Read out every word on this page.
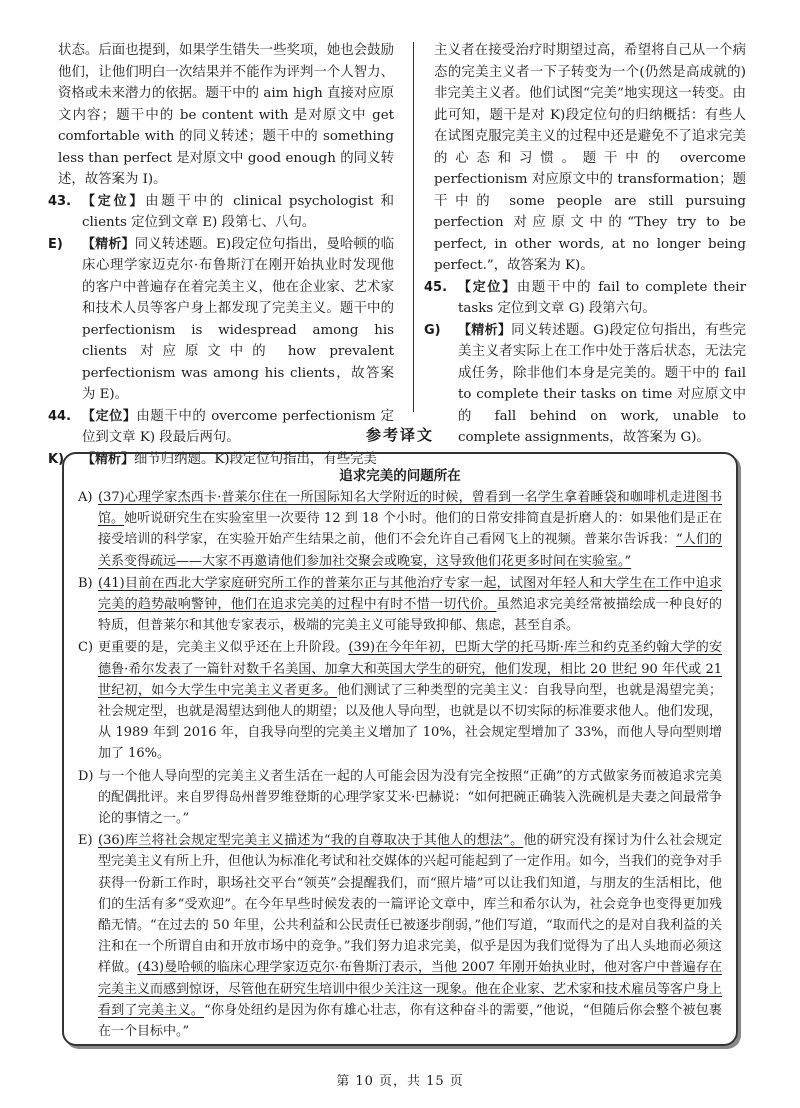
状态。后面也提到，如果学生错失一些奖项，她也会鼓励他们，让他们明白一次结果并不能作为评判一个人智力、资格或未来潜力的依据。题干中的 aim high 直接对应原文内容；题干中的 be content with 是对原文中 get comfortable with 的同义转述；题干中的 something less than perfect 是对原文中 good enough 的同义转述，故答案为 I)。
43. 【定位】由题干中的 clinical psychologist 和 clients 定位到文章 E) 段第七、八句。
E) 【精析】同义转述题。E)段定位句指出，曼哈顿的临床心理学家迈克尔·布鲁斯汀在刚开始执业时发现他的客户中普遍存在着完美主义，他在企业家、艺术家和技术人员等客户身上都发现了完美主义。题干中的 perfectionism is widespread among his clients 对应原文中的 how prevalent perfectionism was among his clients，故答案为 E)。
44. 【定位】由题干中的 overcome perfectionism 定位到文章 K) 段最后两句。
K) 【精析】细节归纳题。K)段定位句指出，有些完美
主义者在接受治疗时期望过高，希望将自己从一个病态的完美主义者一下子转变为一个(仍然是高成就的)非完美主义者。他们试图“完美”地实现这一转变。由此可知，题干是对 K)段定位句的归纳概括：有些人在试图克服完美主义的过程中还是避免不了追求完美的心态和习惯。题干中的 overcome perfectionism 对应原文中的 transformation；题干中的 some people are still pursuing perfection 对应原文中的“They try to be perfect, in other words, at no longer being perfect.”，故答案为 K)。
45. 【定位】由题干中的 fail to complete their tasks 定位到文章 G) 段第六句。
G) 【精析】同义转述题。G)段定位句指出，有些完美主义者实际上在工作中处于落后状态，无法完成任务，除非他们本身是完美的。题干中的 fail to complete their tasks on time 对应原文中的 fall behind on work, unable to complete assignments，故答案为 G)。
参考译文
追求完美的问题所在
A) (37)心理学家杰西卡·普莱尔住在一所国际知名大学附近的时候，曾看到一名学生拿着睡袋和咖啡机走进图书馆。她听说研究生在实验室里一次要待 12 到 18 个小时。他们的日常安排简直是折磨人的：如果他们是正在接受培训的科学家，在实验开始产生结果之前，他们不会允许自己看网飞上的视频。普莱尔告诉我：“人们的关系变得疏远——大家不再邀请他们参加社交聚会或晚宴，这导致他们花更多时间在实验室。”
B) (41)目前在西北大学家庭研究所工作的普莱尔正与其他治疗专家一起，试图对年轻人和大学生在工作中追求完美的趋势敲响警钟，他们在追求完美的过程中有时不惜一切代价。虽然追求完美经常被描绘成一种良好的特质，但普莱尔和其他专家表示，极端的完美主义可能导致抑郁、焦虑，甚至自杀。
C) 更重要的是，完美主义似乎还在上升阶段。(39)在今年年初，巴斯大学的托马斯·库兰和约克圣约翰大学的安德鲁·希尔发表了一篇针对数千名美国、加拿大和英国大学生的研究，他们发现，相比 20 世纪 90 年代或 21 世纪初，如今大学生中完美主义者更多。他们测试了三种类型的完美主义：自我导向型，也就是渴望完美；社会规定型，也就是渴望达到他人的期望；以及他人导向型，也就是以不切实际的标准要求他人。他们发现，从 1989 年到 2016 年，自我导向型的完美主义增加了 10%，社会规定型增加了 33%，而他人导向型则增加了 16%。
D) 与一个他人导向型的完美主义者生活在一起的人可能会因为没有完全按照“正确”的方式做家务而被追求完美的配偶批评。来自罗得岛州普罗维登斯的心理学家艾米·巴赫说：“如何把碗正确装入洗碗机是夫妻之间最常争论的事情之一。”
E) (36)库兰将社会规定型完美主义描述为“我的自尊取决于其他人的想法”。他的研究没有探讨为什么社会规定型完美主义有所上升，但他认为标准化考试和社交媒体的兴起可能起到了一定作用。如今，当我们的竞争对手获得一份新工作时，职场社交平台“领英”会提醒我们，而“照片墙”可以让我们知道，与朋友的生活相比，他们的生活有多“受欢迎”。在今年早些时候发表的一篇评论文章中，库兰和希尔认为，社会竞争也变得更加残酷无情。“在过去的 50 年里，公共利益和公民责任已被逐步削弱，”他们写道，“取而代之的是对自我利益的关注和在一个所谓自由和开放市场中的竞争。”我们努力追求完美，似乎是因为我们觉得为了出人头地而必须这样做。(43)曼哈顿的临床心理学家迈克尔·布鲁斯汀表示，当他 2007 年刚开始执业时，他对客户中普遍存在完美主义而感到惊讶，尽管他在研究生培训中很少关注这一现象。他在企业家、艺术家和技术雇员等客户身上看到了完美主义。“你身处纽约是因为你有雄心壮志，你有这种奋斗的需要，”他说，“但随后你会整个被包裹在一个目标中。”
第 10 页，共 15 页
